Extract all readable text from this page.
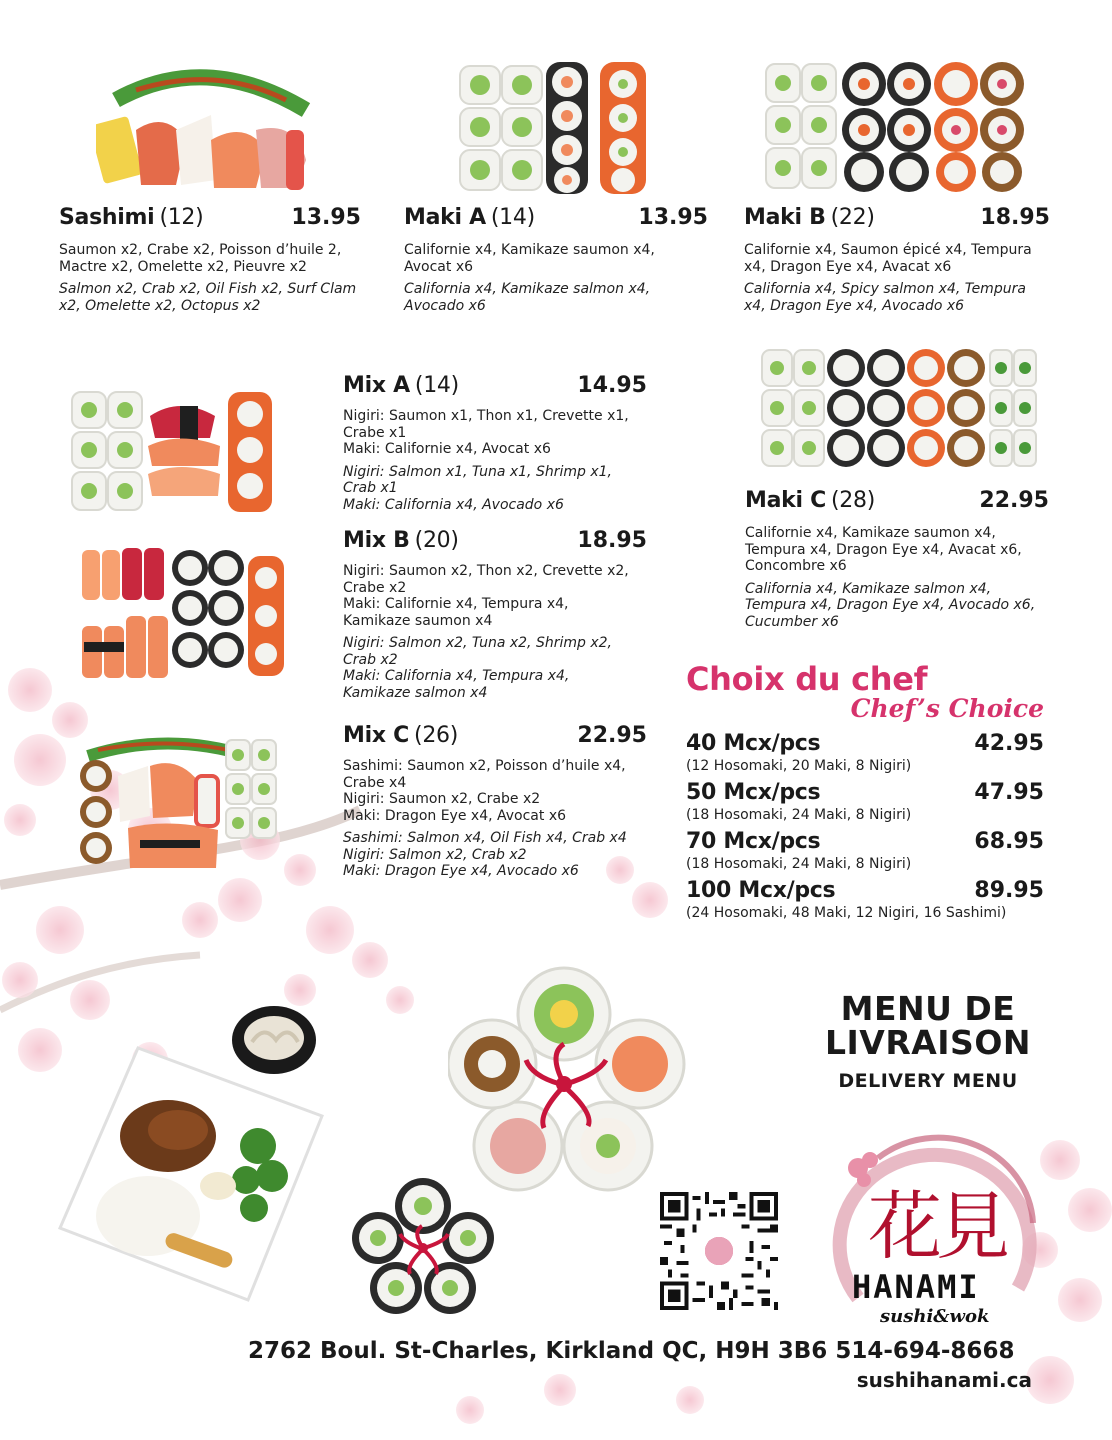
Sashimi (12)	13.95
Saumon x2, Crabe x2, Poisson d’huile 2, Mactre x2, Omelette x2, Pieuvre x2
Salmon x2, Crab x2, Oil Fish x2, Surf Clam x2, Omelette x2, Octopus x2
Maki A (14)	13.95
Californie x4, Kamikaze saumon x4, Avocat x6
California x4, Kamikaze salmon x4, Avocado x6
Maki B (22)	18.95
Californie x4, Saumon épicé x4, Tempura x4, Dragon Eye x4, Avacat x6
California x4, Spicy salmon x4, Tempura x4, Dragon Eye x4, Avocado x6
Mix A (14)	14.95
Nigiri: Saumon x1, Thon x1, Crevette x1, Crabe x1
Maki: Californie x4, Avocat x6
Nigiri: Salmon x1, Tuna x1, Shrimp x1, Crab x1
Maki: California x4, Avocado x6
Mix B (20)	18.95
Nigiri: Saumon x2, Thon x2, Crevette x2, Crabe x2
Maki: Californie x4, Tempura x4, Kamikaze saumon x4
Nigiri: Salmon x2, Tuna x2, Shrimp x2, Crab x2
Maki: California x4, Tempura x4, Kamikaze salmon x4
Mix C (26)	22.95
Sashimi: Saumon x2, Poisson d’huile x4, Crabe x4
Nigiri: Saumon x2, Crabe x2
Maki: Dragon Eye x4, Avocat x6
Sashimi: Salmon x4, Oil Fish x4, Crab x4
Nigiri: Salmon x2, Crab x2
Maki: Dragon Eye x4, Avocado x6
Maki C (28)	22.95
Californie x4, Kamikaze saumon x4, Tempura x4, Dragon Eye x4, Avacat x6, Concombre x6
California x4, Kamikaze salmon x4, Tempura x4, Dragon Eye x4, Avocado x6, Cucumber x6
Choix du chef
Chef’s Choice
40 Mcx/pcs	42.95
(12 Hosomaki, 20 Maki, 8 Nigiri)
50 Mcx/pcs	47.95
(18 Hosomaki, 24 Maki, 8 Nigiri)
70 Mcx/pcs	68.95
(18 Hosomaki, 24 Maki, 8 Nigiri)
100 Mcx/pcs	89.95
(24 Hosomaki, 48 Maki, 12 Nigiri, 16 Sashimi)
MENU DE
LIVRAISON
DELIVERY MENU
花見
HANAMI
sushi&wok
2762 Boul. St-Charles, Kirkland QC, H9H 3B6 514-694-8668
sushihanami.ca
